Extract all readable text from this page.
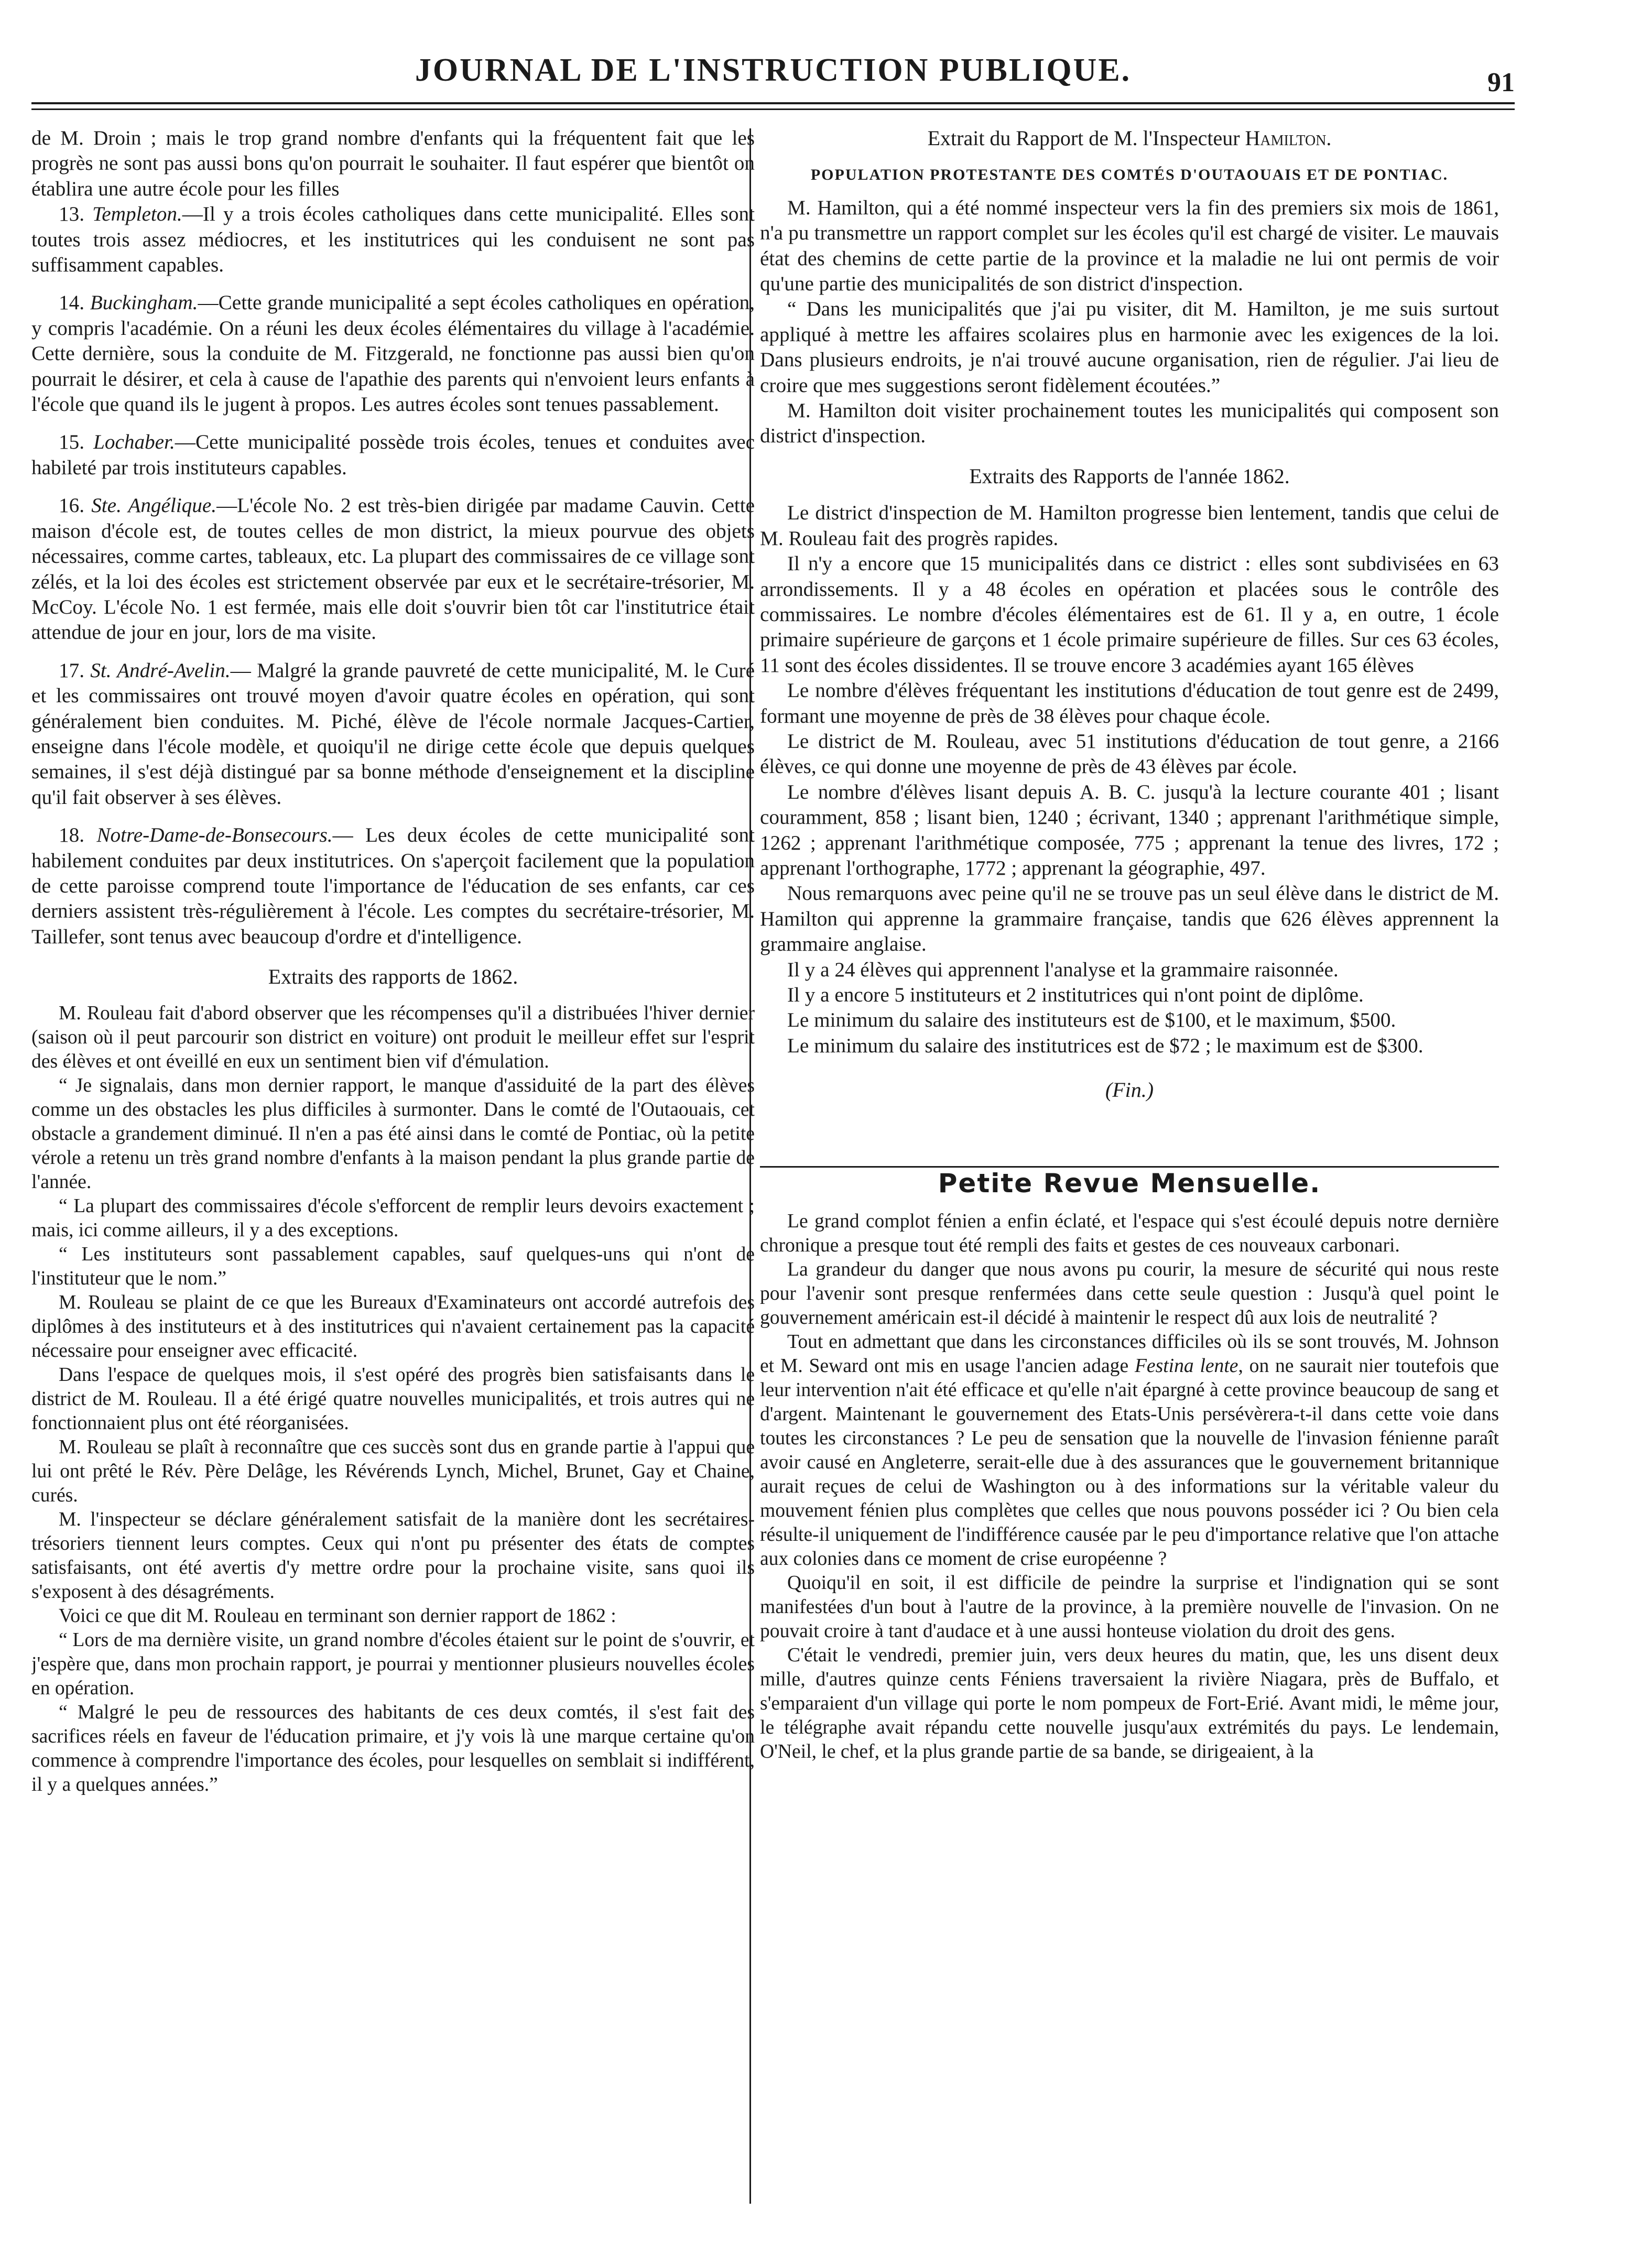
JOURNAL DE L'INSTRUCTION PUBLIQUE.	91

de M. Droin ; mais le trop grand nombre d'enfants qui la fréquentent fait que les progrès ne sont pas aussi bons qu'on pourrait le souhaiter. Il faut espérer que bientôt on établira une autre école pour les filles

13. Templeton.—Il y a trois écoles catholiques dans cette municipalité. Elles sont toutes trois assez médiocres, et les institutrices qui les conduisent ne sont pas suffisamment capables.

14. Buckingham.—Cette grande municipalité a sept écoles catholiques en opération, y compris l'académie. On a réuni les deux écoles élémentaires du village à l'académie. Cette dernière, sous la conduite de M. Fitzgerald, ne fonctionne pas aussi bien qu'on pourrait le désirer, et cela à cause de l'apathie des parents qui n'envoient leurs enfants à l'école que quand ils le jugent à propos. Les autres écoles sont tenues passablement.

15. Lochaber.—Cette municipalité possède trois écoles, tenues et conduites avec habileté par trois instituteurs capables.

16. Ste. Angélique.—L'école No. 2 est très-bien dirigée par madame Cauvin. Cette maison d'école est, de toutes celles de mon district, la mieux pourvue des objets nécessaires, comme cartes, tableaux, etc. La plupart des commissaires de ce village sont zélés, et la loi des écoles est strictement observée par eux et le secrétaire-trésorier, M. McCoy. L'école No. 1 est fermée, mais elle doit s'ouvrir bien tôt car l'institutrice était attendue de jour en jour, lors de ma visite.

17. St. André-Avelin.— Malgré la grande pauvreté de cette municipalité, M. le Curé et les commissaires ont trouvé moyen d'avoir quatre écoles en opération, qui sont généralement bien conduites. M. Piché, élève de l'école normale Jacques-Cartier, enseigne dans l'école modèle, et quoiqu'il ne dirige cette école que depuis quelques semaines, il s'est déjà distingué par sa bonne méthode d'enseignement et la discipline qu'il fait observer à ses élèves.

18. Notre-Dame-de-Bonsecours.— Les deux écoles de cette municipalité sont habilement conduites par deux institutrices. On s'aperçoit facilement que la population de cette paroisse comprend toute l'importance de l'éducation de ses enfants, car ces derniers assistent très-régulièrement à l'école. Les comptes du secrétaire-trésorier, M. Taillefer, sont tenus avec beaucoup d'ordre et d'intelligence.

Extraits des rapports de 1862.

M. Rouleau fait d'abord observer que les récompenses qu'il a distribuées l'hiver dernier (saison où il peut parcourir son district en voiture) ont produit le meilleur effet sur l'esprit des élèves et ont éveillé en eux un sentiment bien vif d'émulation.

“ Je signalais, dans mon dernier rapport, le manque d'assiduité de la part des élèves comme un des obstacles les plus difficiles à surmonter. Dans le comté de l'Outaouais, cet obstacle a grandement diminué. Il n'en a pas été ainsi dans le comté de Pontiac, où la petite vérole a retenu un très grand nombre d'enfants à la maison pendant la plus grande partie de l'année.

“ La plupart des commissaires d'école s'efforcent de remplir leurs devoirs exactement ; mais, ici comme ailleurs, il y a des exceptions.

“ Les instituteurs sont passablement capables, sauf quelques-uns qui n'ont de l'instituteur que le nom.”

M. Rouleau se plaint de ce que les Bureaux d'Examinateurs ont accordé autrefois des diplômes à des instituteurs et à des institutrices qui n'avaient certainement pas la capacité nécessaire pour enseigner avec efficacité.

Dans l'espace de quelques mois, il s'est opéré des progrès bien satisfaisants dans le district de M. Rouleau. Il a été érigé quatre nouvelles municipalités, et trois autres qui ne fonctionnaient plus ont été réorganisées.

M. Rouleau se plaît à reconnaître que ces succès sont dus en grande partie à l'appui que lui ont prêté le Rév. Père Delâge, les Révérends Lynch, Michel, Brunet, Gay et Chaine, curés.

M. l'inspecteur se déclare généralement satisfait de la manière dont les secrétaires-trésoriers tiennent leurs comptes. Ceux qui n'ont pu présenter des états de comptes satisfaisants, ont été avertis d'y mettre ordre pour la prochaine visite, sans quoi ils s'exposent à des désagréments.

Voici ce que dit M. Rouleau en terminant son dernier rapport de 1862 :

“ Lors de ma dernière visite, un grand nombre d'écoles étaient sur le point de s'ouvrir, et j'espère que, dans mon prochain rapport, je pourrai y mentionner plusieurs nouvelles écoles en opération.

“ Malgré le peu de ressources des habitants de ces deux comtés, il s'est fait des sacrifices réels en faveur de l'éducation primaire, et j'y vois là une marque certaine qu'on commence à comprendre l'importance des écoles, pour lesquelles on semblait si indifférent, il y a quelques années.”

Extrait du Rapport de M. l'Inspecteur Hamilton.

POPULATION PROTESTANTE DES COMTÉS D'OUTAOUAIS ET DE PONTIAC.

M. Hamilton, qui a été nommé inspecteur vers la fin des premiers six mois de 1861, n'a pu transmettre un rapport complet sur les écoles qu'il est chargé de visiter. Le mauvais état des chemins de cette partie de la province et la maladie ne lui ont permis de voir qu'une partie des municipalités de son district d'inspection.

“ Dans les municipalités que j'ai pu visiter, dit M. Hamilton, je me suis surtout appliqué à mettre les affaires scolaires plus en harmonie avec les exigences de la loi. Dans plusieurs endroits, je n'ai trouvé aucune organisation, rien de régulier. J'ai lieu de croire que mes suggestions seront fidèlement écoutées.”

M. Hamilton doit visiter prochainement toutes les municipalités qui composent son district d'inspection.

Extraits des Rapports de l'année 1862.

Le district d'inspection de M. Hamilton progresse bien lentement, tandis que celui de M. Rouleau fait des progrès rapides.

Il n'y a encore que 15 municipalités dans ce district : elles sont subdivisées en 63 arrondissements. Il y a 48 écoles en opération et placées sous le contrôle des commissaires. Le nombre d'écoles élémentaires est de 61. Il y a, en outre, 1 école primaire supérieure de garçons et 1 école primaire supérieure de filles. Sur ces 63 écoles, 11 sont des écoles dissidentes. Il se trouve encore 3 académies ayant 165 élèves

Le nombre d'élèves fréquentant les institutions d'éducation de tout genre est de 2499, formant une moyenne de près de 38 élèves pour chaque école.

Le district de M. Rouleau, avec 51 institutions d'éducation de tout genre, a 2166 élèves, ce qui donne une moyenne de près de 43 élèves par école.

Le nombre d'élèves lisant depuis A. B. C. jusqu'à la lecture courante 401 ; lisant couramment, 858 ; lisant bien, 1240 ; écrivant, 1340 ; apprenant l'arithmétique simple, 1262 ; apprenant l'arithmétique composée, 775 ; apprenant la tenue des livres, 172 ; apprenant l'orthographe, 1772 ; apprenant la géographie, 497.

Nous remarquons avec peine qu'il ne se trouve pas un seul élève dans le district de M. Hamilton qui apprenne la grammaire française, tandis que 626 élèves apprennent la grammaire anglaise.

Il y a 24 élèves qui apprennent l'analyse et la grammaire raisonnée.

Il y a encore 5 instituteurs et 2 institutrices qui n'ont point de diplôme.

Le minimum du salaire des instituteurs est de $100, et le maximum, $500.

Le minimum du salaire des institutrices est de $72 ; le maximum est de $300.

(Fin.)

Petite Revue Mensuelle.

Le grand complot fénien a enfin éclaté, et l'espace qui s'est écoulé depuis notre dernière chronique a presque tout été rempli des faits et gestes de ces nouveaux carbonari.

La grandeur du danger que nous avons pu courir, la mesure de sécurité qui nous reste pour l'avenir sont presque renfermées dans cette seule question : Jusqu'à quel point le gouvernement américain est-il décidé à maintenir le respect dû aux lois de neutralité ?

Tout en admettant que dans les circonstances difficiles où ils se sont trouvés, M. Johnson et M. Seward ont mis en usage l'ancien adage Festina lente, on ne saurait nier toutefois que leur intervention n'ait été efficace et qu'elle n'ait épargné à cette province beaucoup de sang et d'argent. Maintenant le gouvernement des Etats-Unis persévèrera-t-il dans cette voie dans toutes les circonstances ? Le peu de sensation que la nouvelle de l'invasion fénienne paraît avoir causé en Angleterre, serait-elle due à des assurances que le gouvernement britannique aurait reçues de celui de Washington ou à des informations sur la véritable valeur du mouvement fénien plus complètes que celles que nous pouvons posséder ici ? Ou bien cela résulte-il uniquement de l'indifférence causée par le peu d'importance relative que l'on attache aux colonies dans ce moment de crise européenne ?

Quoiqu'il en soit, il est difficile de peindre la surprise et l'indignation qui se sont manifestées d'un bout à l'autre de la province, à la première nouvelle de l'invasion. On ne pouvait croire à tant d'audace et à une aussi honteuse violation du droit des gens.

C'était le vendredi, premier juin, vers deux heures du matin, que, les uns disent deux mille, d'autres quinze cents Féniens traversaient la rivière Niagara, près de Buffalo, et s'emparaient d'un village qui porte le nom pompeux de Fort-Erié. Avant midi, le même jour, le télégraphe avait répandu cette nouvelle jusqu'aux extrémités du pays. Le lendemain, O'Neil, le chef, et la plus grande partie de sa bande, se dirigeaient, à la
